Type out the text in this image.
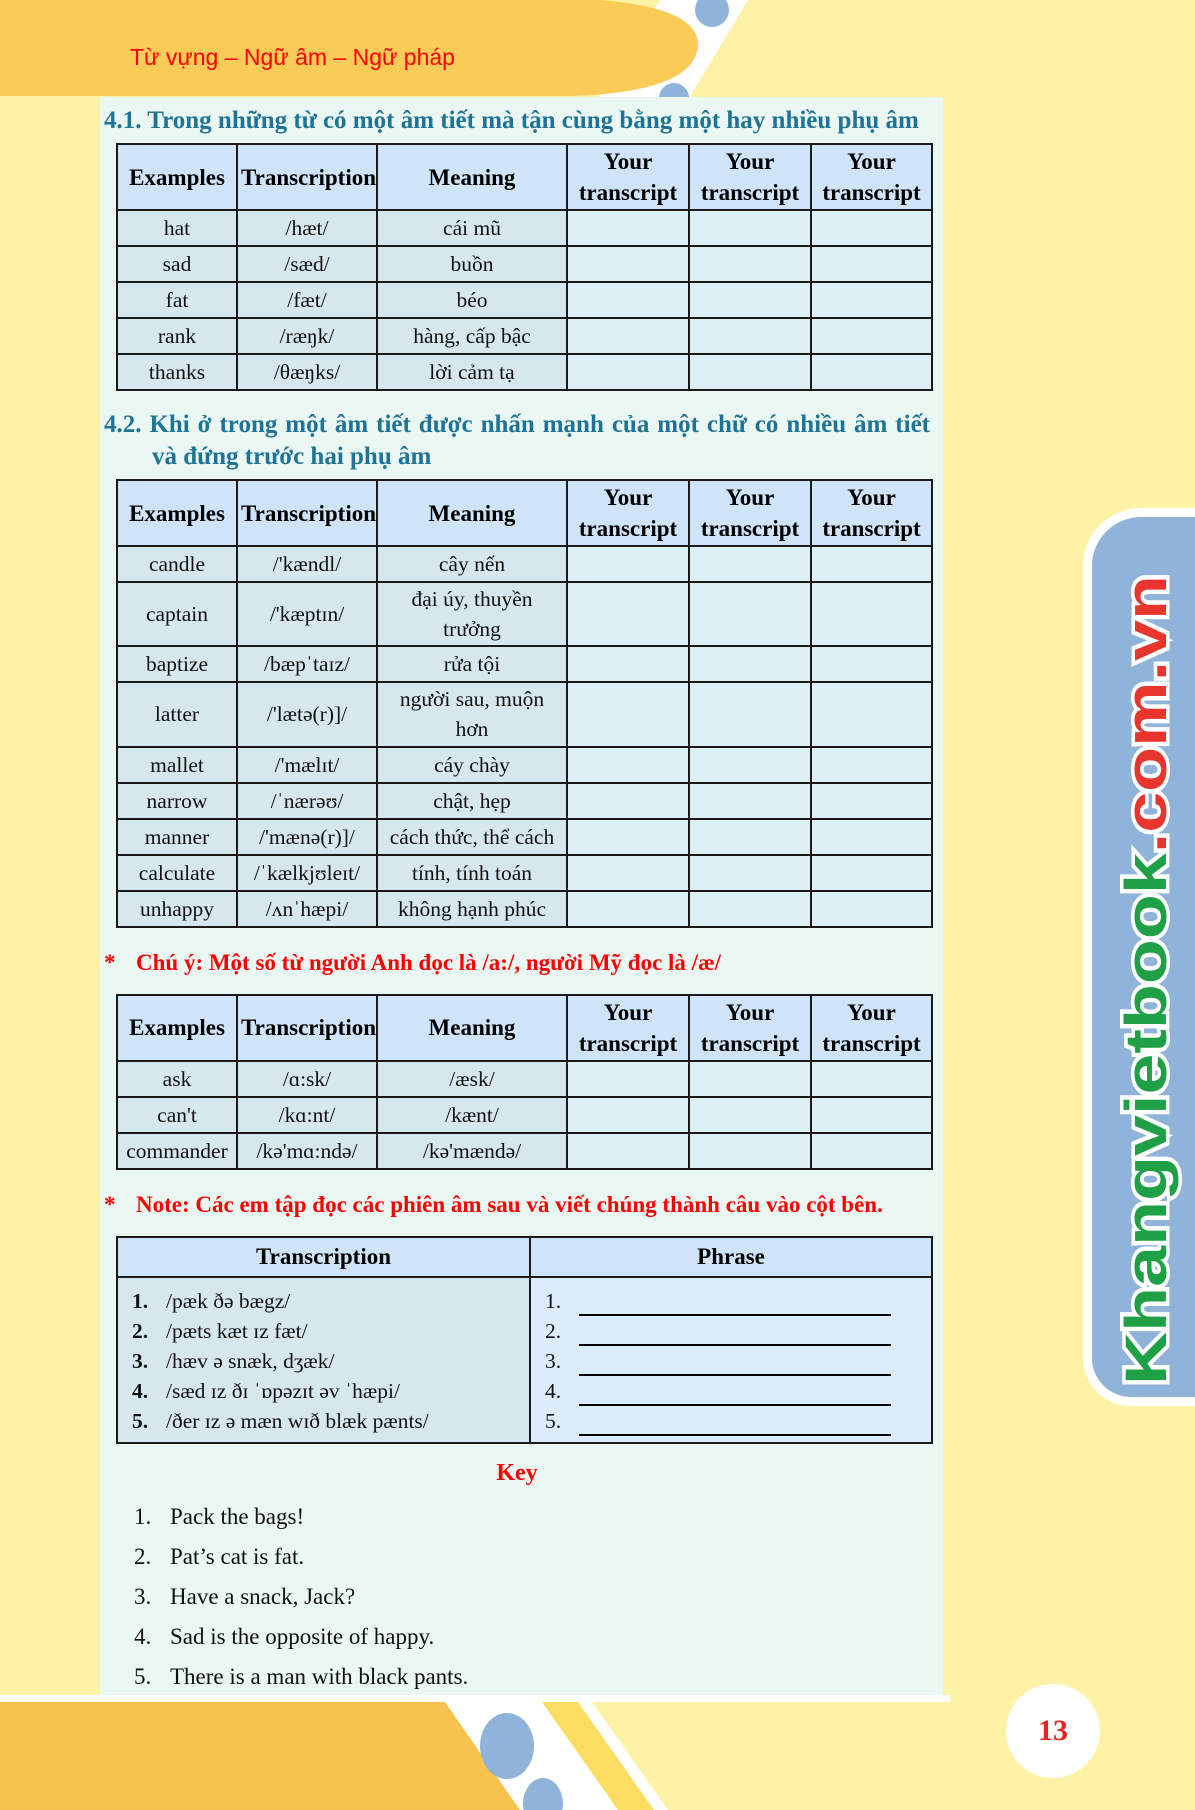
Từ vựng – Ngữ âm – Ngữ pháp
4.1. Trong những từ có một âm tiết mà tận cùng bằng một hay nhiều phụ âm
Examples	Transcription	Meaning	Your transcript	Your transcript	Your transcript
hat	/hæt/	cái mũ			
sad	/sæd/	buồn			
fat	/fæt/	béo			
rank	/ræŋk/	hàng, cấp bậc			
thanks	/θæŋks/	lời cảm tạ			
4.2. Khi ở trong một âm tiết được nhấn mạnh của một chữ có nhiều âm tiết và đứng trước hai phụ âm
Examples	Transcription	Meaning	Your transcript	Your transcript	Your transcript
candle	/'kændl/	cây nến			
captain	/'kæptɪn/	đại úy, thuyền trưởng			
baptize	/bæpˈtaɪz/	rửa tội			
latter	/'lætə(r)]/	người sau, muộn hơn			
mallet	/'mælɪt/	cáy chày			
narrow	/ˈnærəʊ/	chật, hẹp			
manner	/'mænə(r)]/	cách thức, thể cách			
calculate	/ˈkælkjʊleɪt/	tính, tính toán			
unhappy	/ʌnˈhæpi/	không hạnh phúc			
* Chú ý: Một số từ người Anh đọc là /a:/, người Mỹ đọc là /æ/
Examples	Transcription	Meaning	Your transcript	Your transcript	Your transcript
ask	/ɑ:sk/	/æsk/			
can't	/kɑ:nt/	/kænt/			
commander	/kə'mɑ:ndə/	/kə'mændə/			
* Note: Các em tập đọc các phiên âm sau và viết chúng thành câu vào cột bên.
Transcription	Phrase

1. /pæk ðə bægz/
2. /pæts kæt ɪz fæt/
3. /hæv ə snæk, dʒæk/
4. /sæd ɪz ðɪ ˈɒpəzɪt əv ˈhæpi/
5. /ðer ɪz ə mæn wɪð blæk pænts/

1.
2.
3.
4.
5.
Key
1. Pack the bags!
2. Pat’s cat is fat.
3. Have a snack, Jack?
4. Sad is the opposite of happy.
5. There is a man with black pants.
Khangvietbook.com.vn
13
